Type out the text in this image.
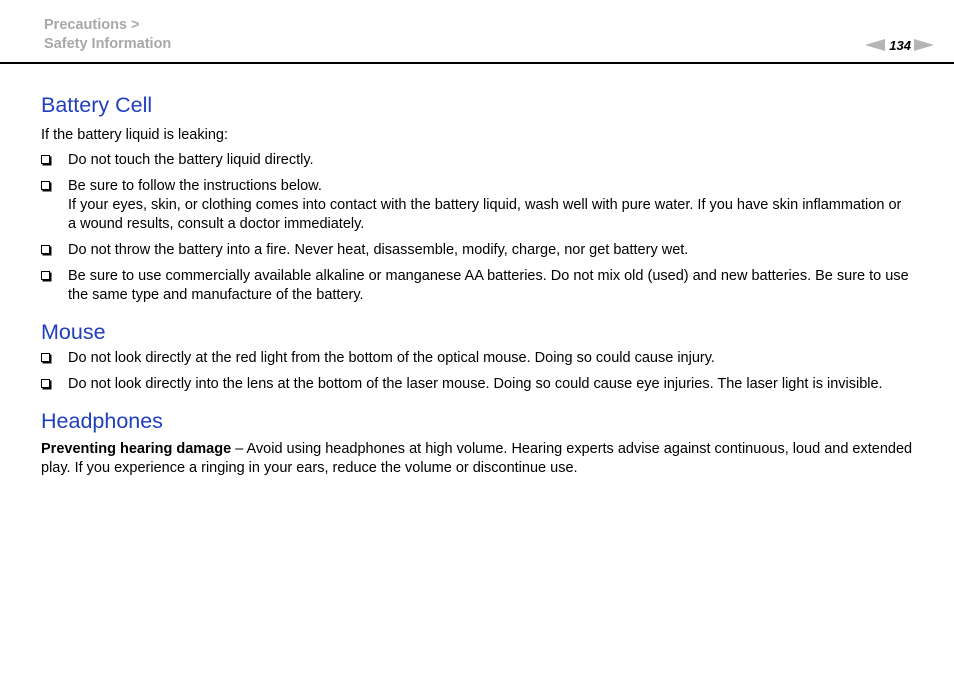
Precautions >
Safety Information	134
Battery Cell

If the battery liquid is leaking:

Do not touch the battery liquid directly.
Be sure to follow the instructions below.
If your eyes, skin, or clothing comes into contact with the battery liquid, wash well with pure water. If you have skin inflammation or a wound results, consult a doctor immediately.
Do not throw the battery into a fire. Never heat, disassemble, modify, charge, nor get battery wet.
Be sure to use commercially available alkaline or manganese AA batteries. Do not mix old (used) and new batteries. Be sure to use the same type and manufacture of the battery.
Mouse
Do not look directly at the red light from the bottom of the optical mouse. Doing so could cause injury.
Do not look directly into the lens at the bottom of the laser mouse. Doing so could cause eye injuries. The laser light is invisible.
Headphones

Preventing hearing damage – Avoid using headphones at high volume. Hearing experts advise against continuous, loud and extended play. If you experience a ringing in your ears, reduce the volume or discontinue use.
